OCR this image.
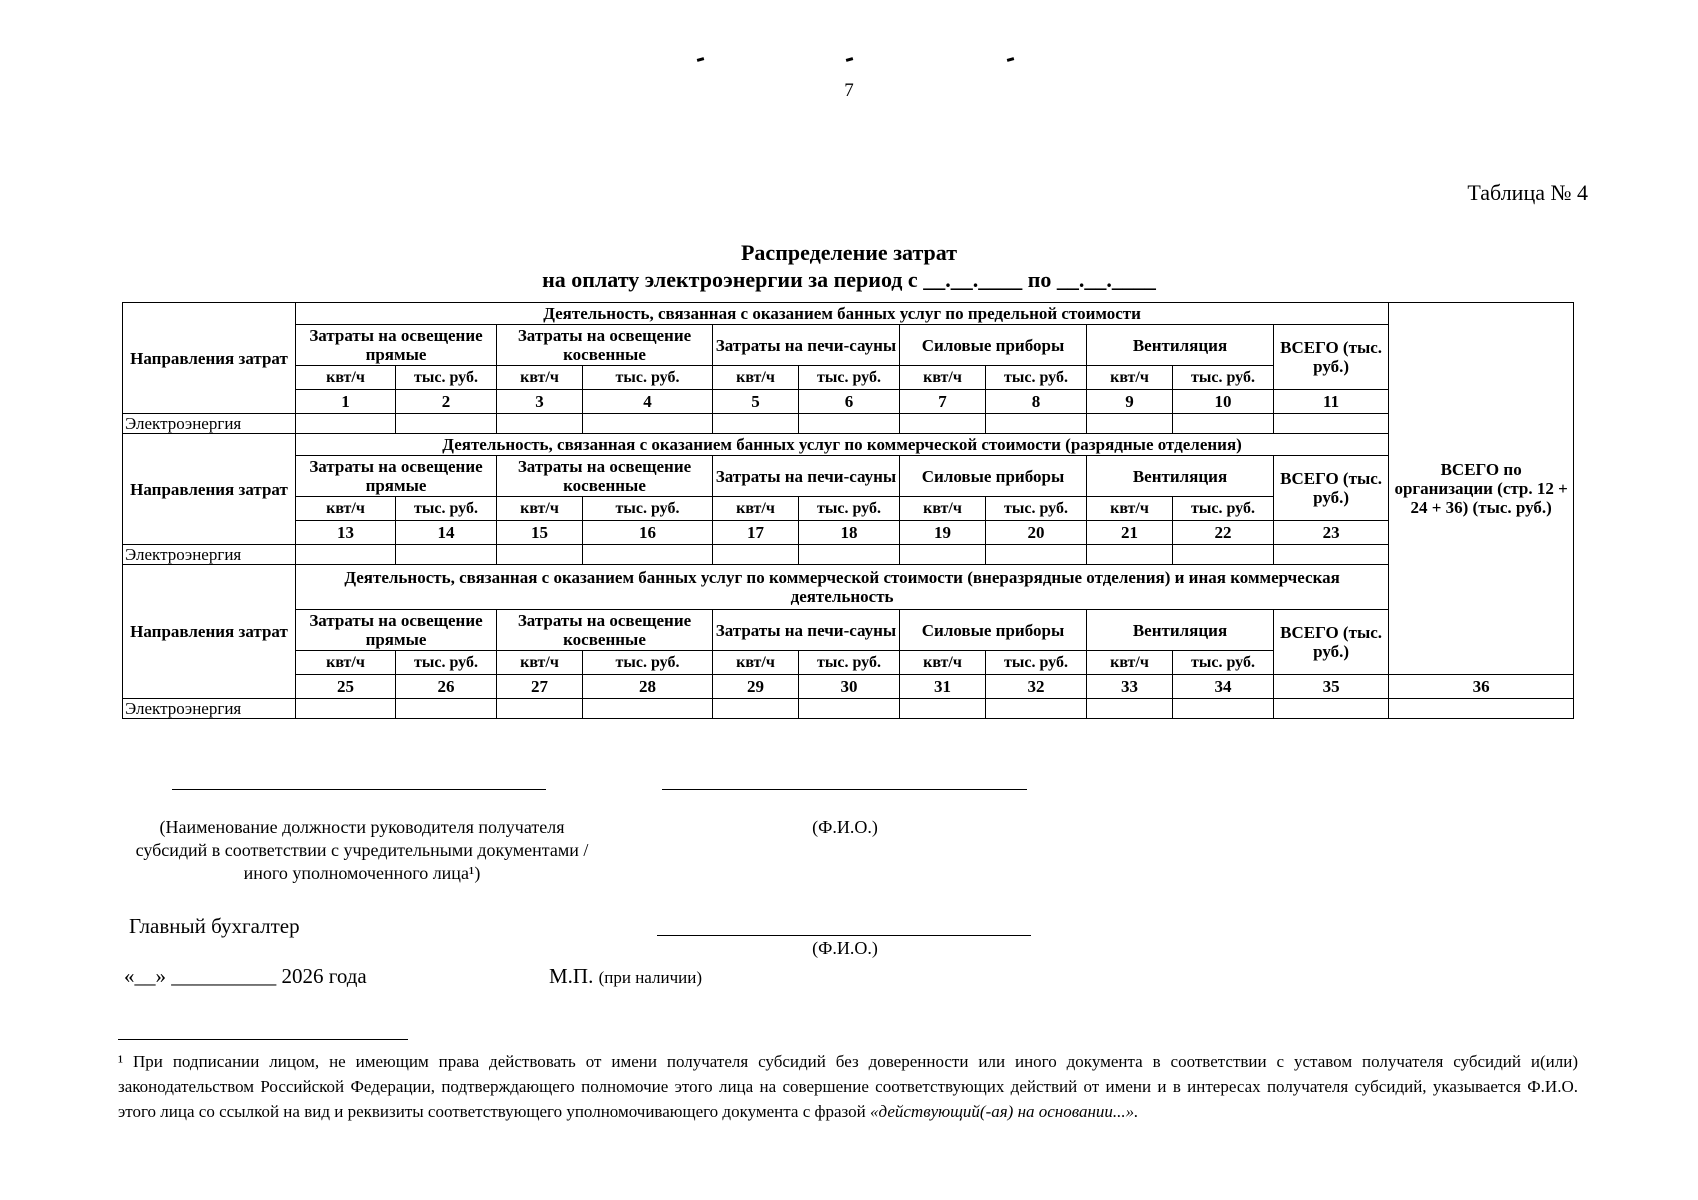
7
Таблица № 4
Распределение затрат
на оплату электроэнергии за период с __.__.____ по __.__.____
Направления затрат	Деятельность, связанная с оказанием банных услуг по предельной стоимости											ВСЕГО по организации (стр. 12 + 24 + 36) (тыс. руб.)	
	Затраты на освещение прямые		Затраты на освещение косвенные		Затраты на печи-сауны		Силовые приборы		Вентиляция		ВСЕГО (тыс. руб.)		
	квт/ч	тыс. руб.	квт/ч	тыс. руб.	квт/ч	тыс. руб.	квт/ч	тыс. руб.	квт/ч	тыс. руб.			
	1	2	3	4	5	6	7	8	9	10	11	
Электроэнергия													
Направления затрат	Деятельность, связанная с оказанием банных услуг по коммерческой стоимости (разрядные отделения)												
	Затраты на освещение прямые		Затраты на освещение косвенные		Затраты на печи-сауны		Силовые приборы		Вентиляция		ВСЕГО (тыс. руб.)		
	квт/ч	тыс. руб.	квт/ч	тыс. руб.	квт/ч	тыс. руб.	квт/ч	тыс. руб.	квт/ч	тыс. руб.			
	13	14	15	16	17	18	19	20	21	22	23	
Электроэнергия													
Направления затрат	Деятельность, связанная с оказанием банных услуг по коммерческой стоимости (внеразрядные отделения) и иная коммерческая деятельность												
	Затраты на освещение прямые		Затраты на освещение косвенные		Затраты на печи-сауны		Силовые приборы		Вентиляция		ВСЕГО (тыс. руб.)		
	квт/ч	тыс. руб.	квт/ч	тыс. руб.	квт/ч	тыс. руб.	квт/ч	тыс. руб.	квт/ч	тыс. руб.			
	25	26	27	28	29	30	31	32	33	34	35	36	
Электроэнергия													
(Наименование должности руководителя получателя субсидий в соответствии с учредительными документами / иного уполномоченного лица¹)
(Ф.И.О.)
Главный бухгалтер
(Ф.И.О.)
«__» __________ 2026 года	М.П. (при наличии)
¹ При подписании лицом, не имеющим права действовать от имени получателя субсидий без доверенности или иного документа в соответствии с уставом получателя субсидий и(или) законодательством Российской Федерации, подтверждающего полномочие этого лица на совершение соответствующих действий от имени и в интересах получателя субсидий, указывается Ф.И.О. этого лица со ссылкой на вид и реквизиты соответствующего уполномочивающего документа с фразой «действующий(-ая) на основании...».
